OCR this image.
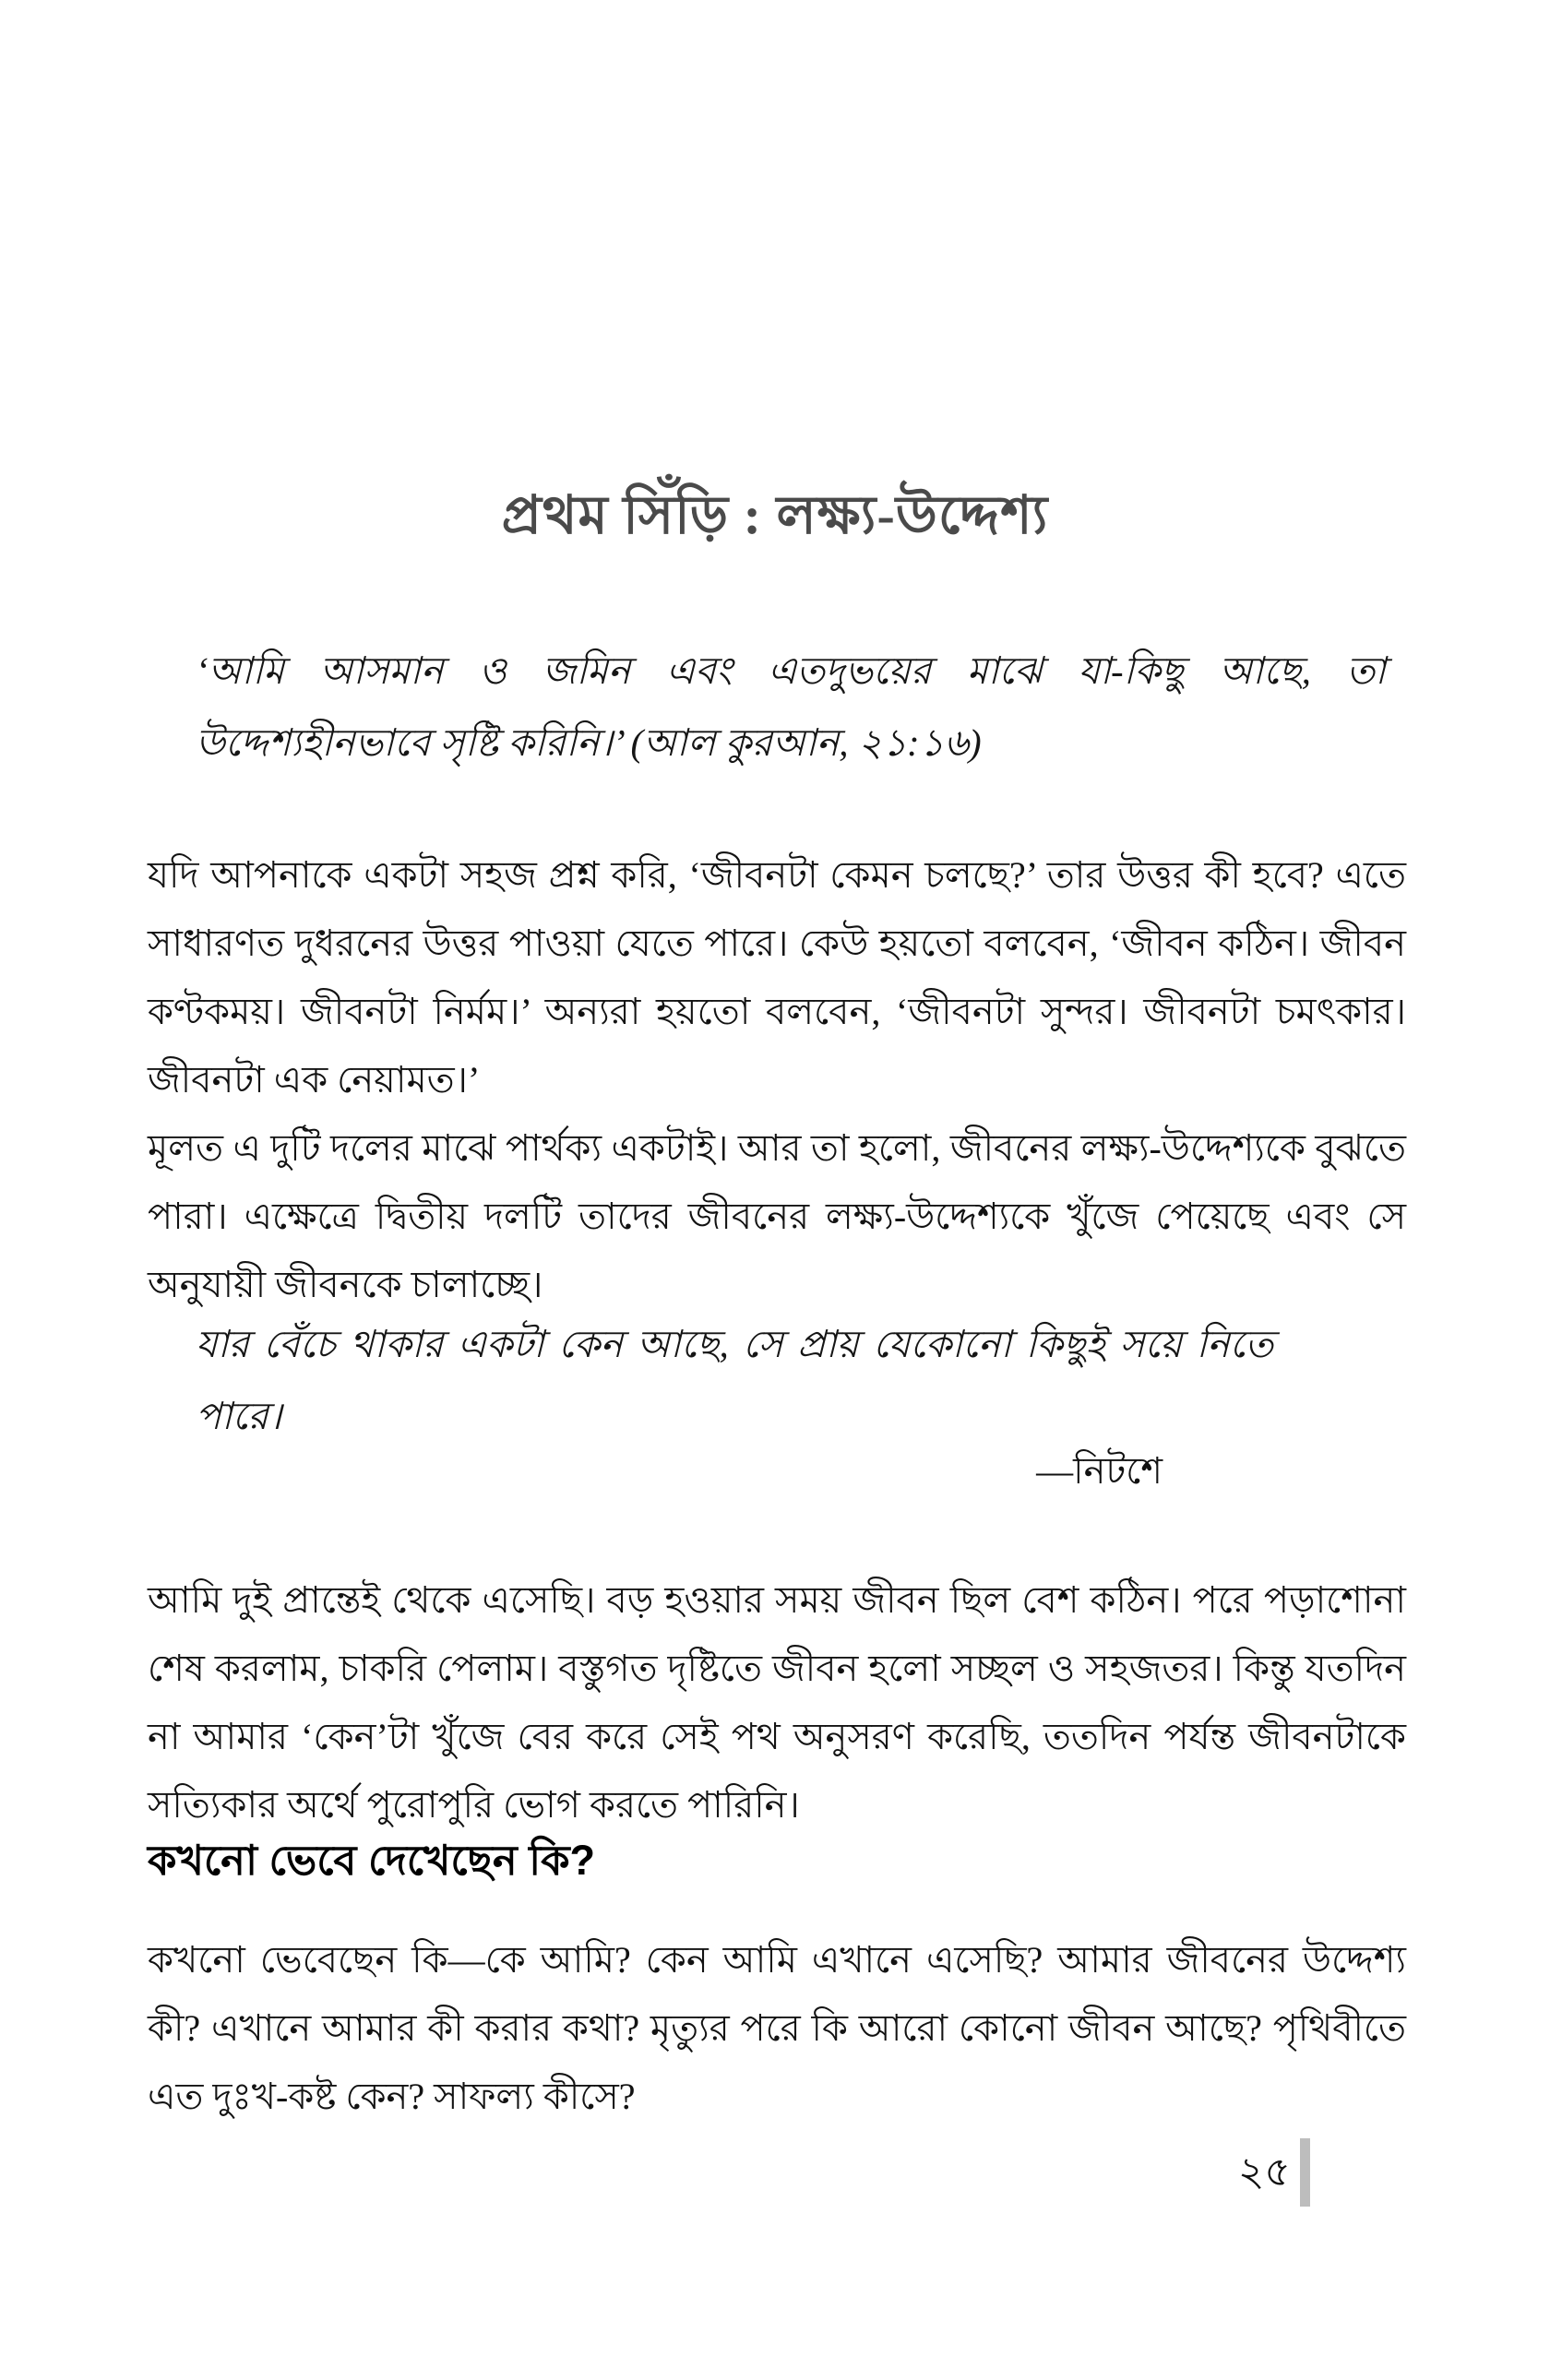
প্রথম সিঁড়ি : লক্ষ্য-উদ্দেশ্য
‘আমি আসমান ও জমিন এবং এতদুভয়ের মাঝে যা-কিছু আছে, তা উদ্দেশ্যহীনভাবে সৃষ্টি করিনি।’ (আল কুরআন, ২১:১৬)

যদি আপনাকে একটা সহজ প্রশ্ন করি, ‘জীবনটা কেমন চলছে?’ তার উত্তর কী হবে? এতে সাধারণত দুধরনের উত্তর পাওয়া যেতে পারে। কেউ হয়তো বলবেন, ‘জীবন কঠিন। জীবন কণ্টকময়। জীবনটা নির্মম।’ অন্যরা হয়তো বলবেন, ‘জীবনটা সুন্দর। জীবনটা চমৎকার। জীবনটা এক নেয়ামত।’

মূলত এ দুটি দলের মাঝে পার্থক্য একটাই। আর তা হলো, জীবনের লক্ষ্য-উদ্দেশ্যকে বুঝতে পারা। এক্ষেত্রে দ্বিতীয় দলটি তাদের জীবনের লক্ষ্য-উদ্দেশ্যকে খুঁজে পেয়েছে এবং সে অনুযায়ী জীবনকে চালাচ্ছে।

যার বেঁচে থাকার একটা কেন আছে, সে প্রায় যেকোনো কিছুই সয়ে নিতে পারে।
—নিটশে

আমি দুই প্রান্তেই থেকে এসেছি। বড় হওয়ার সময় জীবন ছিল বেশ কঠিন। পরে পড়াশোনা শেষ করলাম, চাকরি পেলাম। বস্তুগত দৃষ্টিতে জীবন হলো সচ্ছল ও সহজতর। কিন্তু যতদিন না আমার ‘কেন’টা খুঁজে বের করে সেই পথ অনুসরণ করেছি, ততদিন পর্যন্ত জীবনটাকে সত্যিকার অর্থে পুরোপুরি ভোগ করতে পারিনি।

কখনো ভেবে দেখেছেন কি?

কখনো ভেবেছেন কি—কে আমি? কেন আমি এখানে এসেছি? আমার জীবনের উদ্দেশ্য কী? এখানে আমার কী করার কথা? মৃত্যুর পরে কি আরো কোনো জীবন আছে? পৃথিবীতে এত দুঃখ-কষ্ট কেন? সাফল্য কীসে?

২৫
